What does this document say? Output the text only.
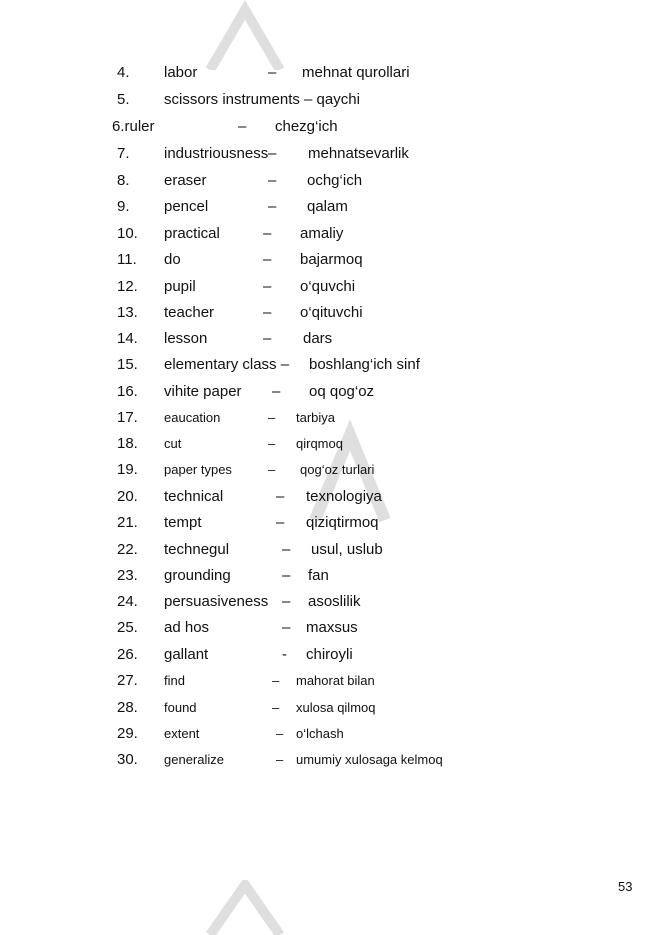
4. labor	– mehnat qurollari
5. scissors instruments – qaychi
6.ruler	– chezg‘ich
7. industriousness – mehnatsevarlik
8. eraser	– ochg‘ich
9. pencel	– qalam
10. practical	– amaliy
11. do	– bajarmoq
12. pupil	– o‘quvchi
13. teacher	– o‘qituvchi
14. lesson	– dars
15. elementary class – boshlang‘ich sinf
16. vihite paper – oq qog‘oz
17. eaucation	– tarbiya
18. cut	– qirqmoq
19. paper types	– qog‘oz turlari
20. technical	– texnologiya
21. tempt	– qiziqtirmoq
22. technegul	– usul, uslub
23. grounding	– fan
24. persuasiveness – asoslilik
25. ad hos	– maxsus
26. gallant	- chiroyli
27. find	– mahorat bilan
28. found	– xulosa qilmoq
29. extent	– o‘lchash
30. generalize	– umumiy xulosaga kelmoq
53
